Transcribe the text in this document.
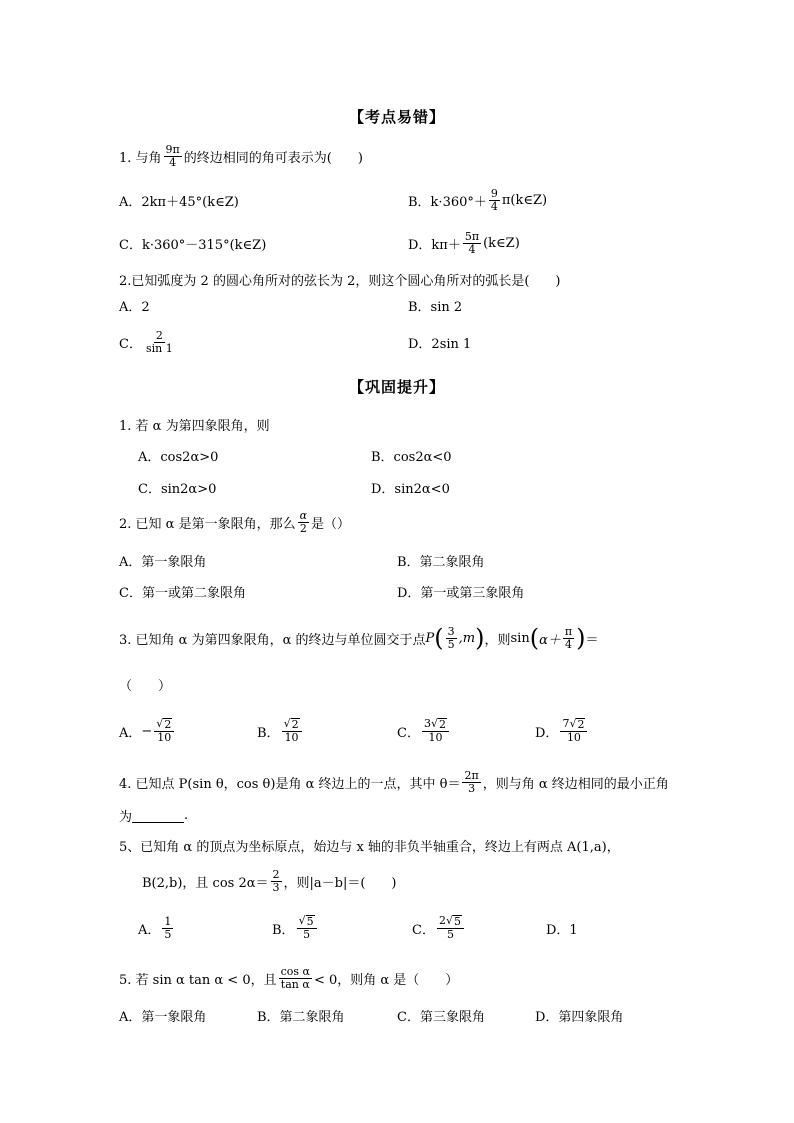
【考点易错】
1. 与角 $\frac{9\pi}{4}$ 的终边相同的角可表示为(　　)
A．2kπ＋45°(k∈Z)	B．$k\cdot 360^\circ+ \frac{9}{4}$ π(k∈Z)
C．k·360°－315°(k∈Z)	D．$k\pi+ \frac{5\pi}{4}$ (k∈Z)
2.已知弧度为 2 的圆心角所对的弦长为 2，则这个圆心角所对的弧长是(　　)
A．2	B．sin 2
C． $\frac{2}{\sin 1}$	D．2sin 1
【巩固提升】
1. 若 α 为第四象限角，则
A．cos2α>0	B．cos2α<0
C．sin2α>0	D．sin2α<0
2. 已知 α 是第一象限角，那么 $\frac{\alpha}{2}$ 是（）
A．第一象限角	B．第二象限角
C．第一或第二象限角	D．第一或第三象限角
3. 已知角 α 为第四象限角，α 的终边与单位圆交于点 P ( $\frac{3}{5} ,m$ ) ，则 sin ( $\alpha+ \frac{\pi}{4}$ ) ＝
（　　）
A． − $\frac{√ 2}{10}$	B． $\frac{√ 2}{10}$	C． $\frac{3√ 2}{10}$	D． $\frac{7√ 2}{10}$
4. 已知点 P(sin θ，cos θ)是角 α 终边上的一点，其中 $\theta= \frac{2\pi}{3}$ ，则与角 α 终边相同的最小正角
为	.
5、已知角 α 的顶点为坐标原点，始边与 x 轴的非负半轴重合，终边上有两点 A(1,a)，
B(2,b)，且 $\cos 2\alpha= \frac{2}{3}$ ，则|a－b|＝(　　)
A． $\frac{1}{5}$	B． $\frac{√ 5}{5}$	C． $\frac{2√ 5}{5}$	D．1
5. 若 sin α tan α < 0，且 $\frac{\text{cos α}}{\text{tan α}} < 0$，则角 α 是（　　）
A．第一象限角	B．第二象限角	C．第三象限角	D．第四象限角
